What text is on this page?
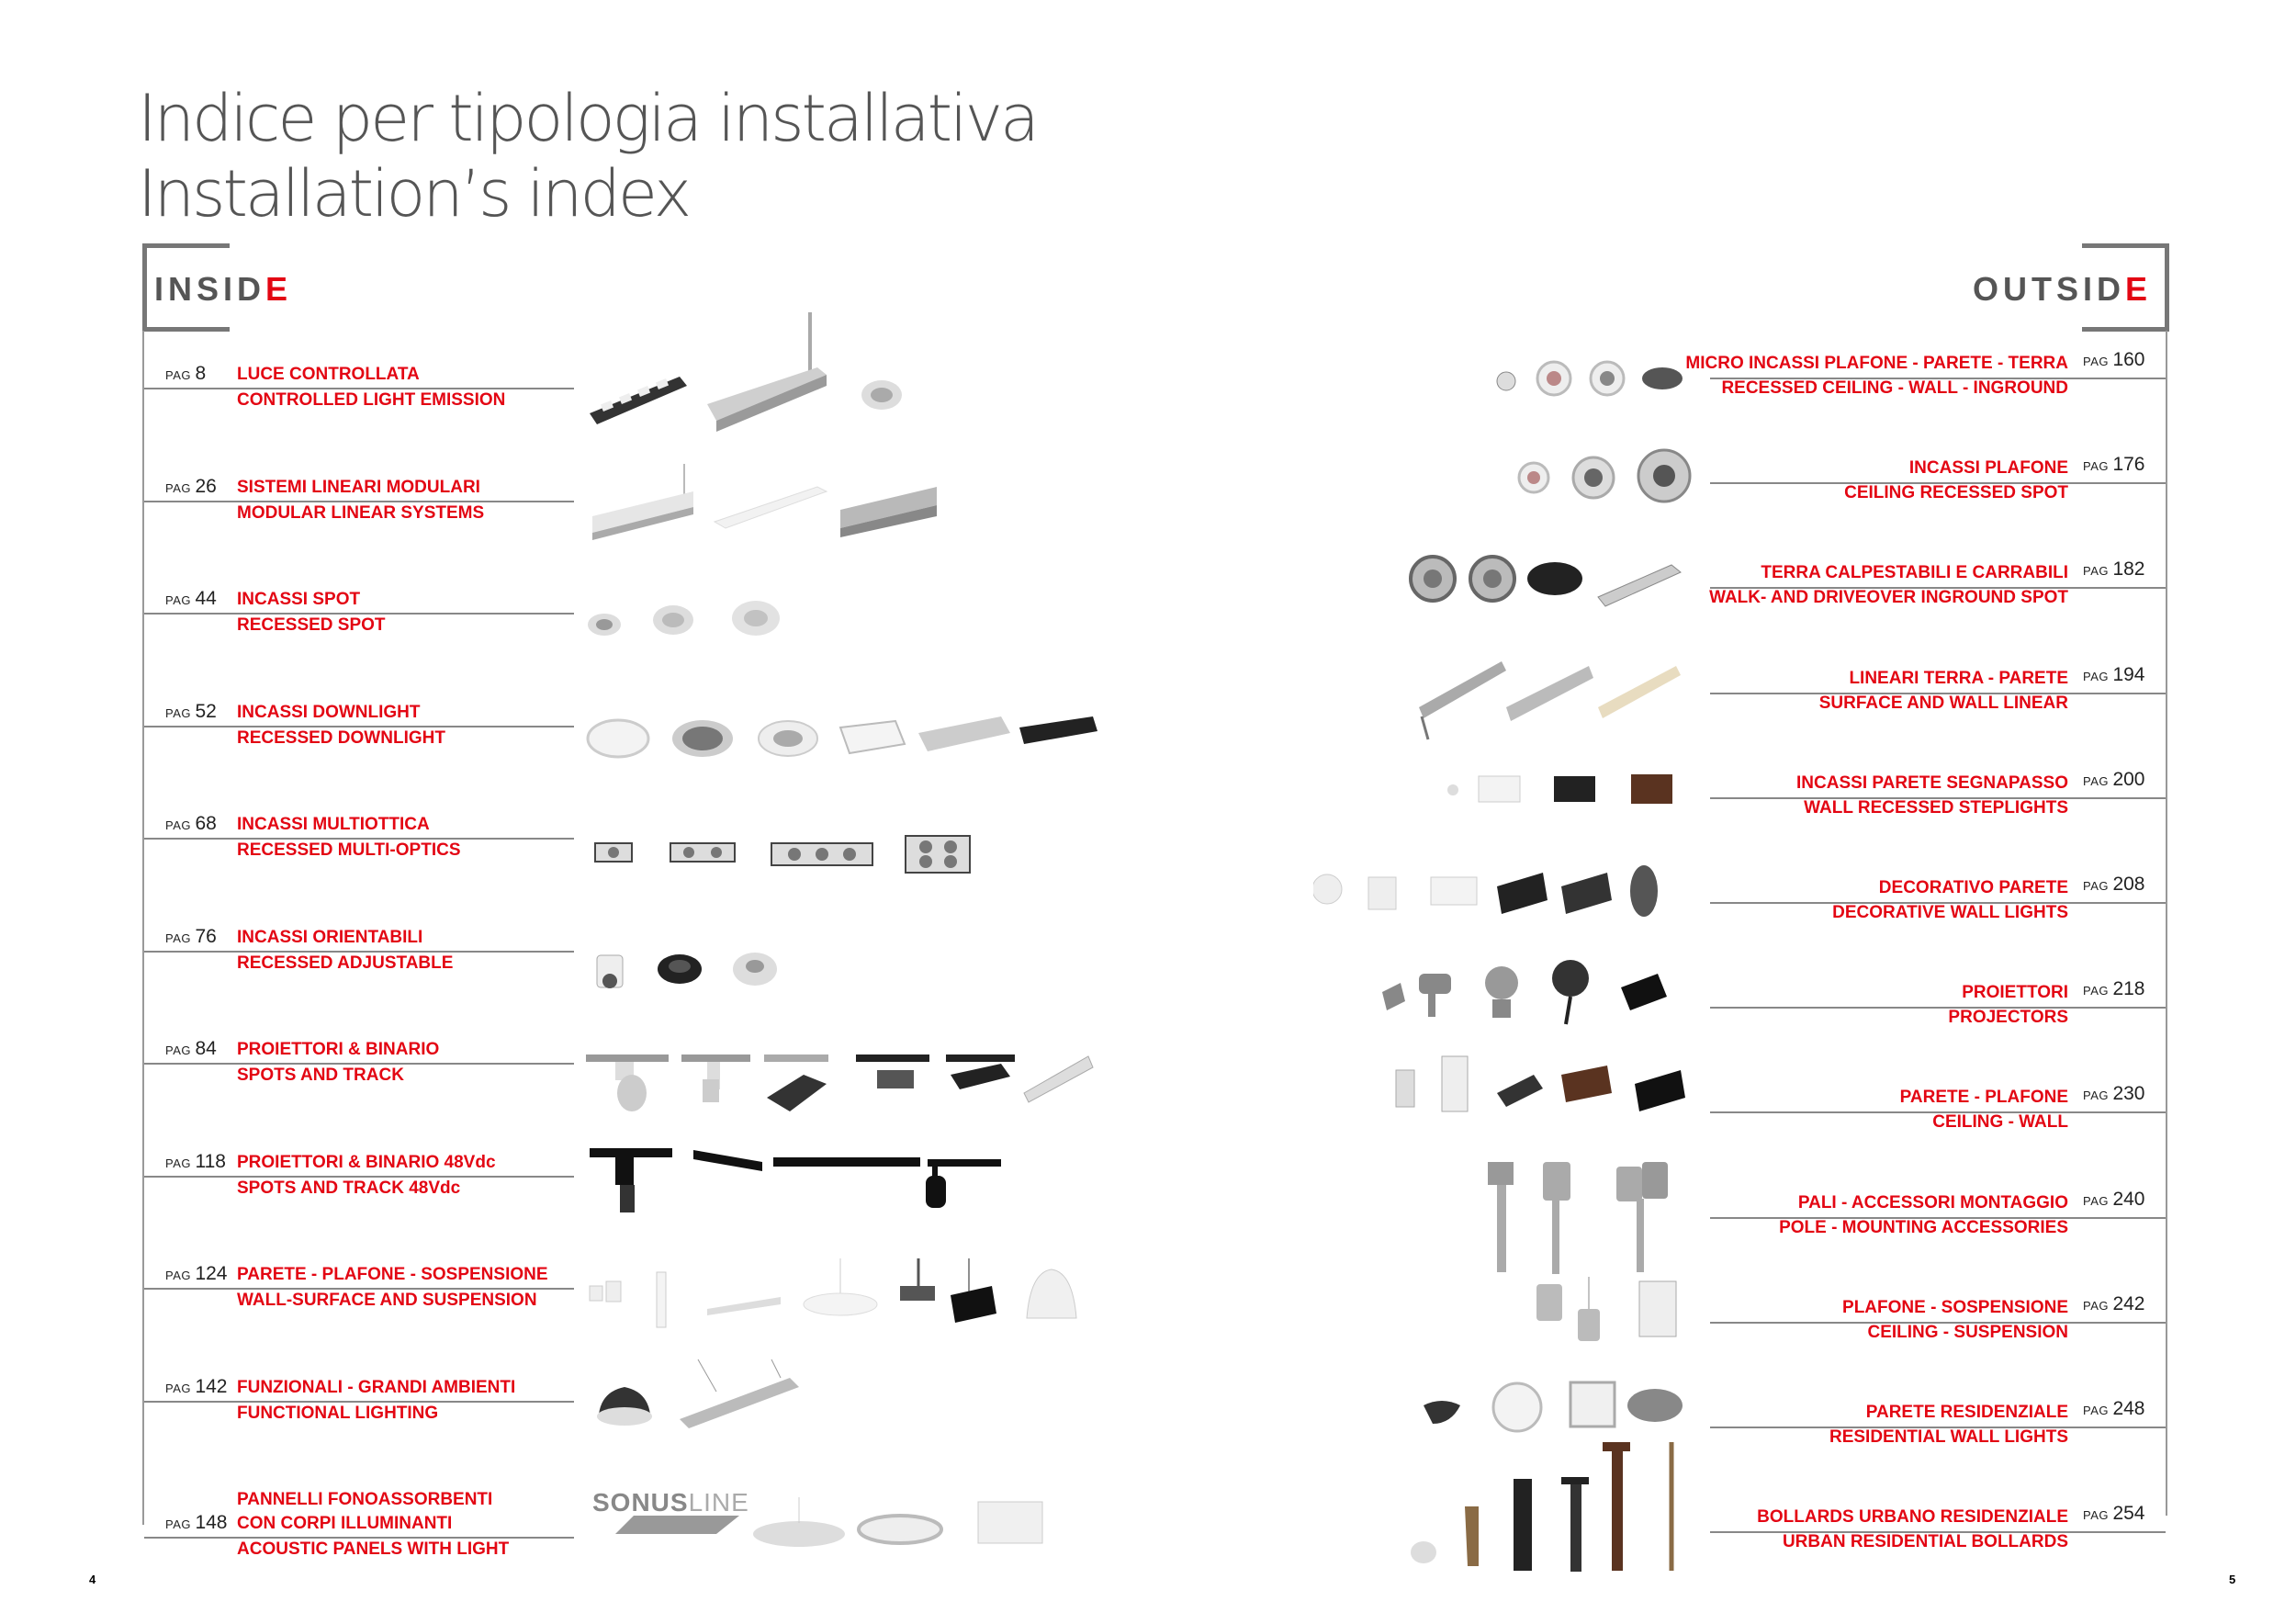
Indice per tipologia installativa
Installation’s index
INSIDE	OUTSIDE
PAG 8 LUCE CONTROLLATA
CONTROLLED LIGHT EMISSION
PAG 26 SISTEMI LINEARI MODULARI
MODULAR LINEAR SYSTEMS
PAG 44 INCASSI SPOT
RECESSED SPOT
PAG 52 INCASSI DOWNLIGHT
RECESSED DOWNLIGHT
PAG 68 INCASSI MULTIOTTICA
RECESSED MULTI-OPTICS
PAG 76 INCASSI ORIENTABILI
RECESSED ADJUSTABLE
PAG 84 PROIETTORI & BINARIO
SPOTS AND TRACK
PAG 118 PROIETTORI & BINARIO 48Vdc
SPOTS AND TRACK 48Vdc
PAG 124 PARETE - PLAFONE - SOSPENSIONE
WALL-SURFACE AND SUSPENSION
PAG 142 FUNZIONALI - GRANDI AMBIENTI
FUNCTIONAL LIGHTING
PAG 148
PANNELLI FONOASSORBENTI
CON CORPI ILLUMINANTI
ACOUSTIC PANELS WITH LIGHT
MICRO INCASSI PLAFONE - PARETE - TERRA
RECESSED CEILING - WALL - INGROUND
PAG 160
INCASSI PLAFONE
CEILING RECESSED SPOT
PAG 176
TERRA CALPESTABILI E CARRABILI
WALK- AND DRIVEOVER INGROUND SPOT
PAG 182
LINEARI TERRA - PARETE
SURFACE AND WALL LINEAR
PAG 194
INCASSI PARETE SEGNAPASSO
WALL RECESSED STEPLIGHTS
PAG 200
DECORATIVO PARETE
DECORATIVE WALL LIGHTS
PAG 208
PROIETTORI
PROJECTORS
PAG 218
PARETE - PLAFONE
CEILING - WALL
PAG 230
PALI - ACCESSORI MONTAGGIO
POLE - MOUNTING ACCESSORIES
PAG 240
PLAFONE - SOSPENSIONE
CEILING - SUSPENSION
PAG 242
PARETE RESIDENZIALE
RESIDENTIAL WALL LIGHTS
PAG 248
BOLLARDS URBANO RESIDENZIALE
URBAN RESIDENTIAL BOLLARDS
PAG 254
SONUSLINE
4	5
